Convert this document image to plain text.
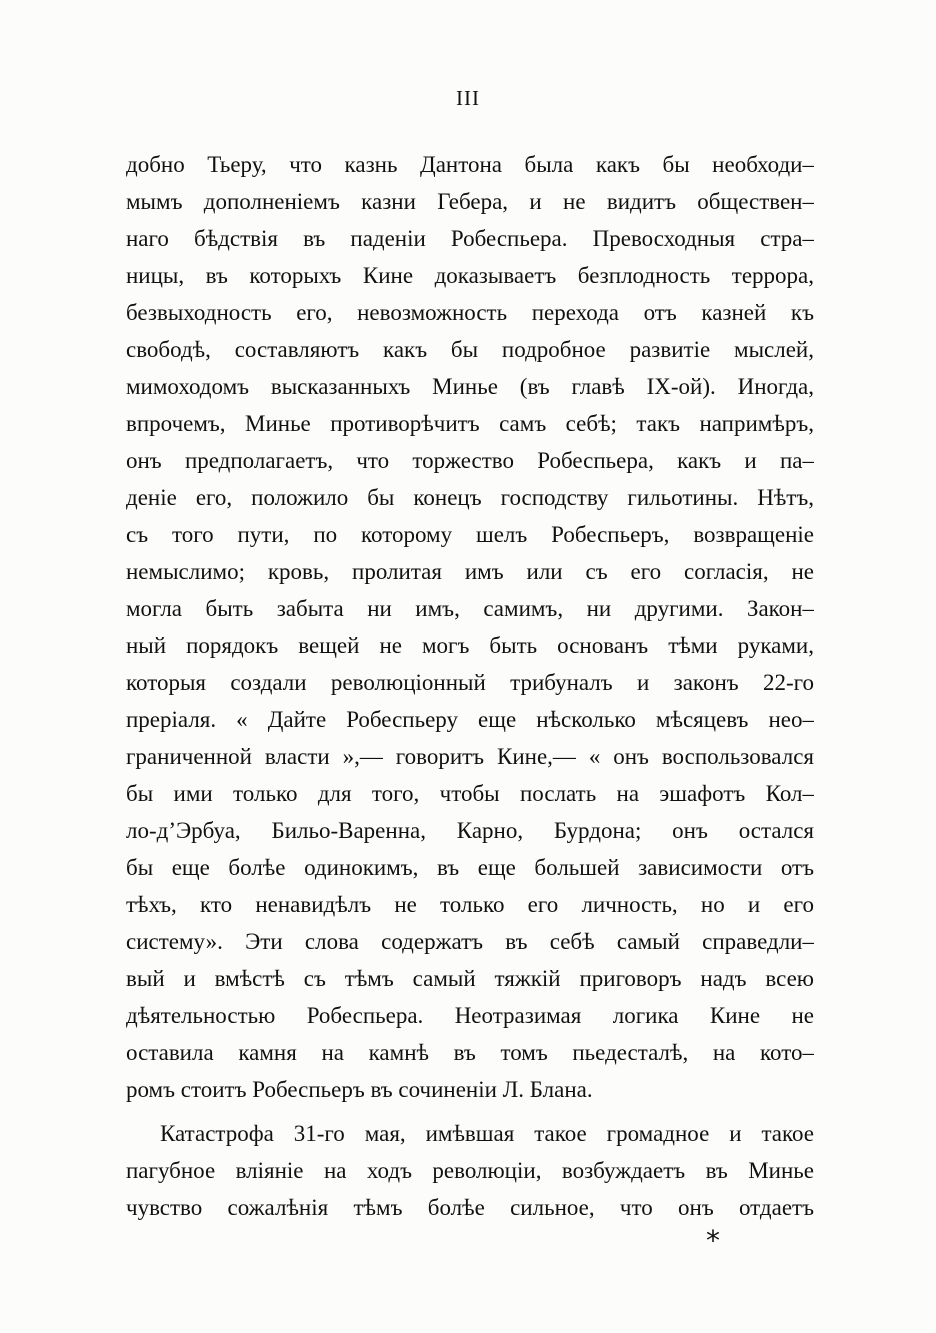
III
добно Тьеру, что казнь Дантона была какъ бы необходи–
мымъ дополненіемъ казни Гебера, и не видитъ обществен–
наго бѣдствія въ паденіи Робеспьера. Превосходныя стра–
ницы, въ которыхъ Кине доказываетъ безплодность террора,
безвыходность его, невозможность перехода отъ казней къ
свободѣ, составляютъ какъ бы подробное развитіе мыслей,
мимоходомъ высказанныхъ Минье (въ главѣ IX-ой). Иногда,
впрочемъ, Минье противорѣчитъ самъ себѣ; такъ напримѣръ,
онъ предполагаетъ, что торжество Робеспьера, какъ и па–
деніе его, положило бы конецъ господству гильотины. Нѣтъ,
съ того пути, по которому шелъ Робеспьеръ, возвращеніе
немыслимо; кровь, пролитая имъ или съ его согласія, не
могла быть забыта ни имъ, самимъ, ни другими. Закон–
ный порядокъ вещей не могъ быть основанъ тѣми руками,
которыя создали революціонный трибуналъ и законъ 22-го
преріаля. « Дайте Робеспьеру еще нѣсколько мѣсяцевъ нео–
граниченной власти »,— говоритъ Кине,— « онъ воспользовался
бы ими только для того, чтобы послать на эшафотъ Кол–
ло-д’Эрбуа, Бильо-Варенна, Карно, Бурдона; онъ остался
бы еще болѣе одинокимъ, въ еще большей зависимости отъ
тѣхъ, кто ненавидѣлъ не только его личность, но и его
систему». Эти слова содержатъ въ себѣ самый справедли–
вый и вмѣстѣ съ тѣмъ самый тяжкій приговоръ надъ всею
дѣятельностью Робеспьера. Неотразимая логика Кине не
оставила камня на камнѣ въ томъ пьедесталѣ, на кото–
ромъ стоитъ Робеспьеръ въ сочиненіи Л. Блана.
Катастрофа 31-го мая, имѣвшая такое громадное и такое
пагубное вліяніе на ходъ революціи, возбуждаетъ въ Минье
чувство сожалѣнія тѣмъ болѣе сильное, что онъ отдаетъ
*
